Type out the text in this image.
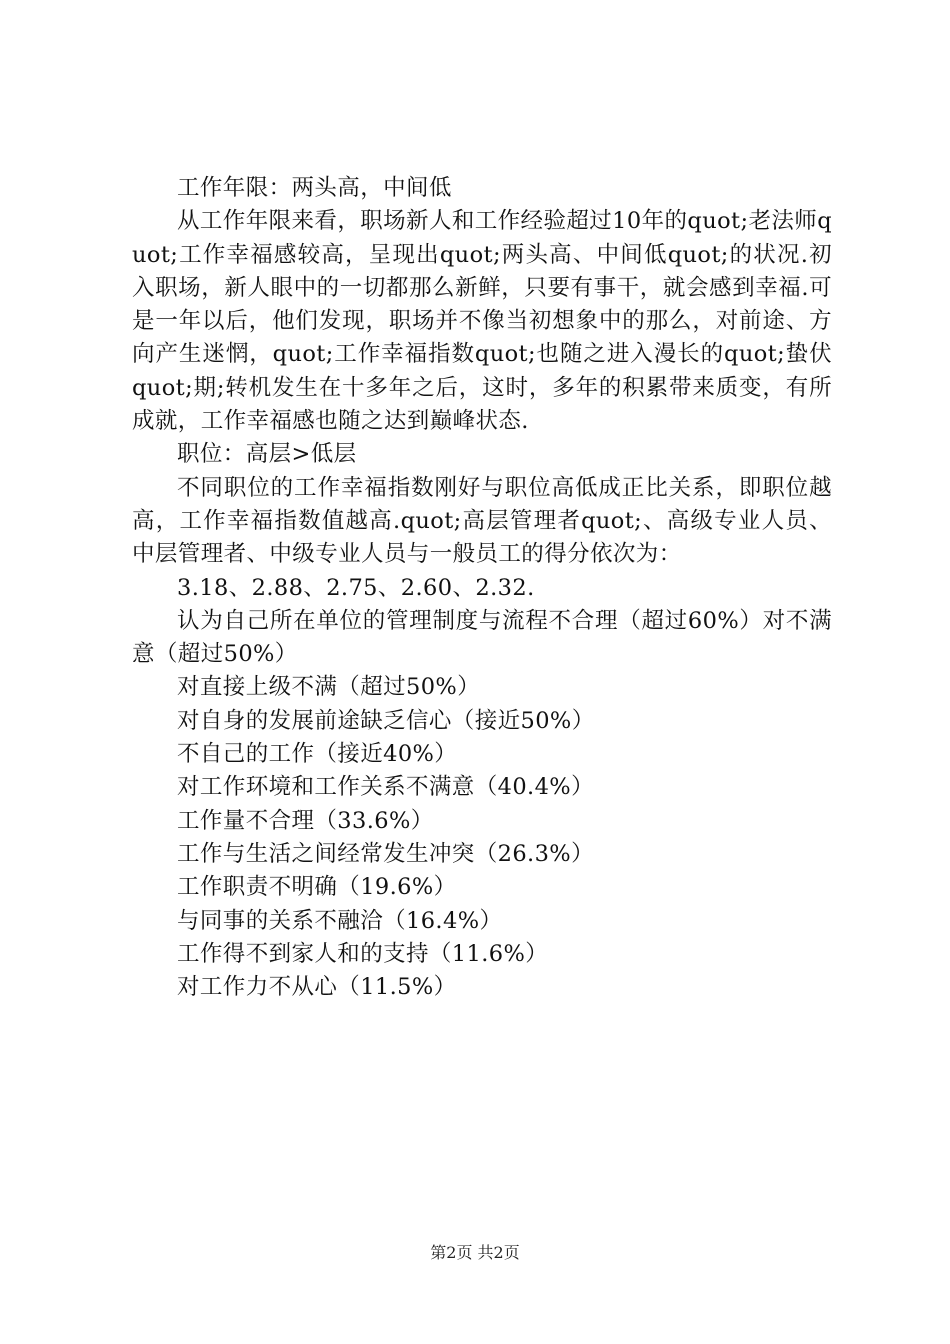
工作年限：两头高，中间低

从工作年限来看，职场新人和工作经验超过10年的quot;老法师quot;工作幸福感较高，呈现出quot;两头高、中间低quot;的状况.初入职场，新人眼中的一切都那么新鲜，只要有事干，就会感到幸福.可是一年以后，他们发现，职场并不像当初想象中的那么，对前途、方向产生迷惘，quot;工作幸福指数quot;也随之进入漫长的quot;蛰伏quot;期;转机发生在十多年之后，这时，多年的积累带来质变，有所成就，工作幸福感也随之达到巅峰状态.

职位：高层>低层

不同职位的工作幸福指数刚好与职位高低成正比关系，即职位越高，工作幸福指数值越高.quot;高层管理者quot;、高级专业人员、中层管理者、中级专业人员与一般员工的得分依次为：

3.18、2.88、2.75、2.60、2.32.

认为自己所在单位的管理制度与流程不合理（超过60%）对不满意（超过50%）

对直接上级不满（超过50%）

对自身的发展前途缺乏信心（接近50%）

不自己的工作（接近40%）

对工作环境和工作关系不满意（40.4%）

工作量不合理（33.6%）

工作与生活之间经常发生冲突（26.3%）

工作职责不明确（19.6%）

与同事的关系不融洽（16.4%）

工作得不到家人和的支持（11.6%）

对工作力不从心（11.5%）

第2页 共2页
